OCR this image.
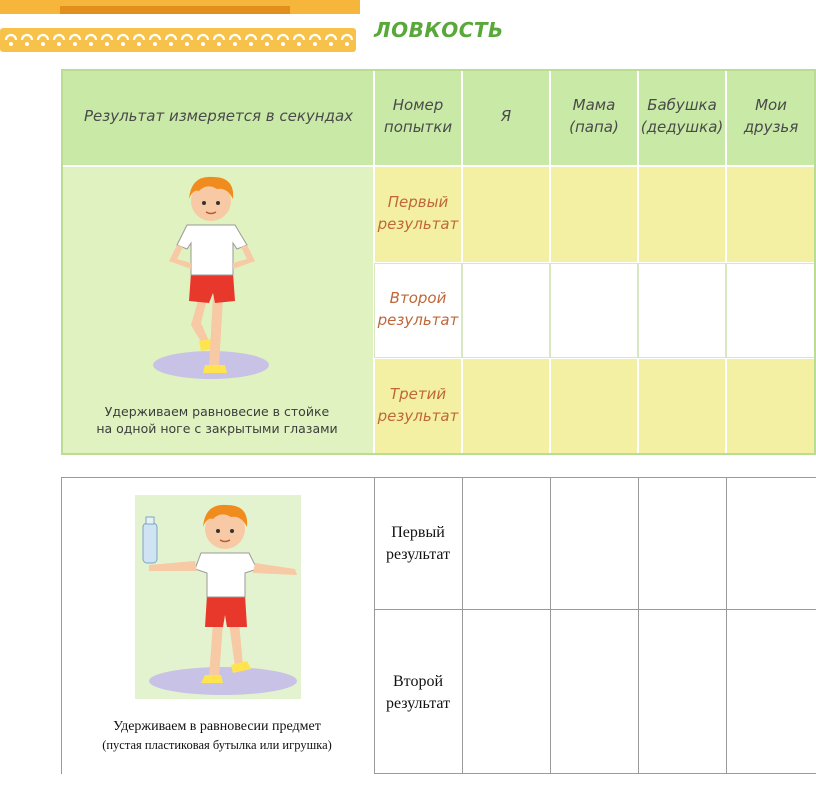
ЛОВКОСТЬ
Результат измеряется в секундах
Номер
попытки
Я
Мама
(папа)
Бабушка
(дедушка)
Мои
друзья
Удерживаем равновесие в стойке
на одной ноге с закрытыми глазами
Первый
результат
Второй
результат
Третий
результат
Удерживаем в равновесии предмет
(пустая пластиковая бутылка или игрушка)
Первый
результат
Второй
результат
